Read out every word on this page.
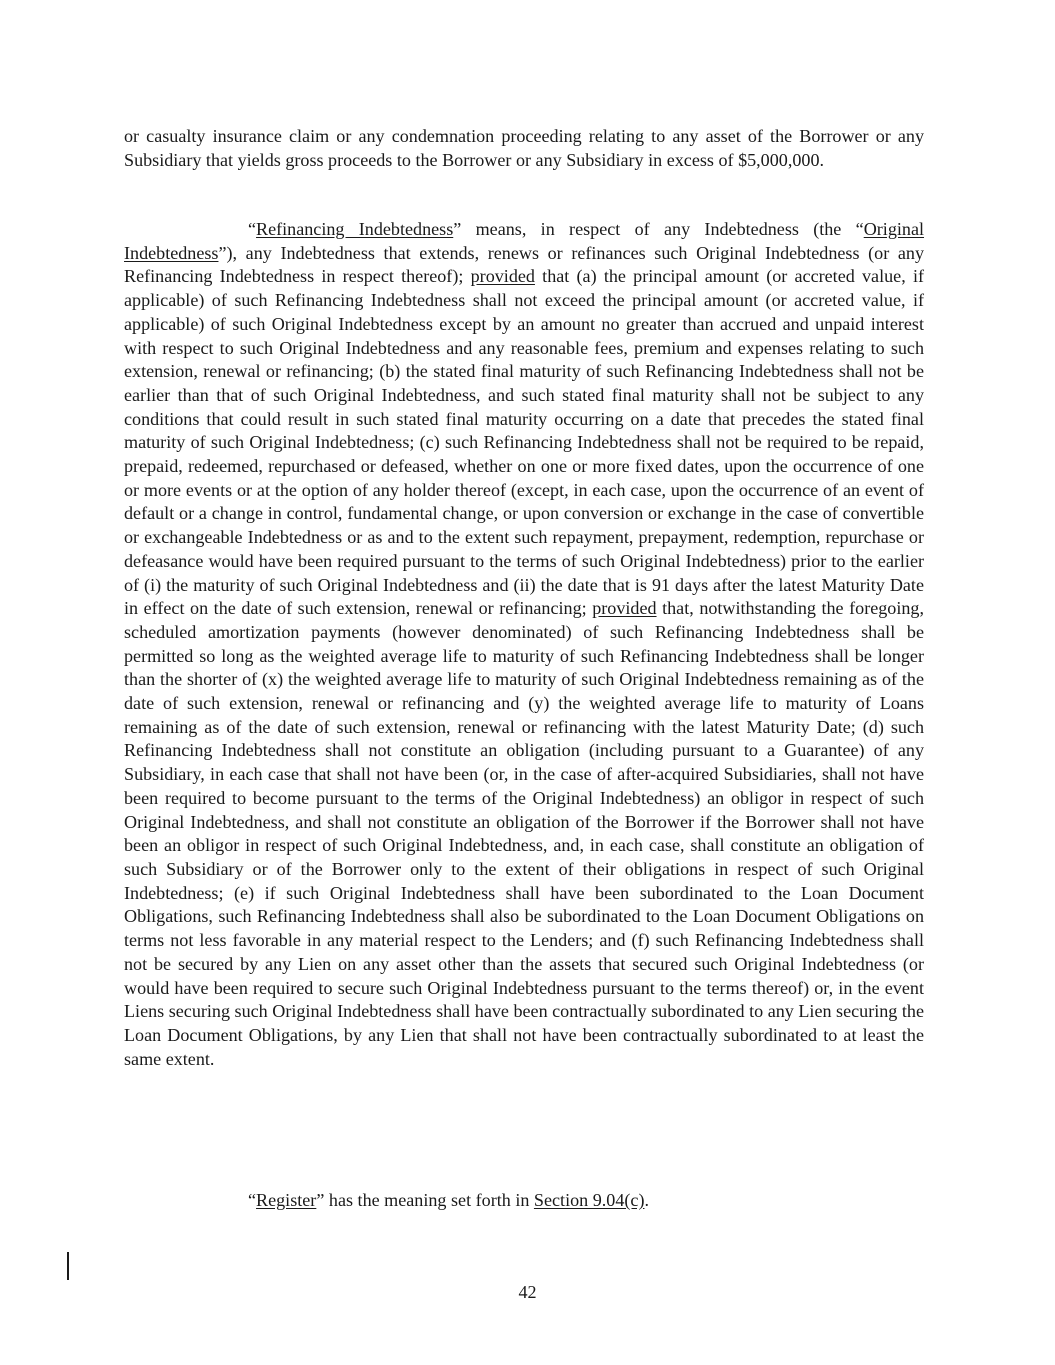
or casualty insurance claim or any condemnation proceeding relating to any asset of the Borrower or any Subsidiary that yields gross proceeds to the Borrower or any Subsidiary in excess of $5,000,000.

“Refinancing Indebtedness” means, in respect of any Indebtedness (the “Original Indebtedness”), any Indebtedness that extends, renews or refinances such Original Indebtedness (or any Refinancing Indebtedness in respect thereof); provided that (a) the principal amount (or accreted value, if applicable) of such Refinancing Indebtedness shall not exceed the principal amount (or accreted value, if applicable) of such Original Indebtedness except by an amount no greater than accrued and unpaid interest with respect to such Original Indebtedness and any reasonable fees, premium and expenses relating to such extension, renewal or refinancing; (b) the stated final maturity of such Refinancing Indebtedness shall not be earlier than that of such Original Indebtedness, and such stated final maturity shall not be subject to any conditions that could result in such stated final maturity occurring on a date that precedes the stated final maturity of such Original Indebtedness; (c) such Refinancing Indebtedness shall not be required to be repaid, prepaid, redeemed, repurchased or defeased, whether on one or more fixed dates, upon the occurrence of one or more events or at the option of any holder thereof (except, in each case, upon the occurrence of an event of default or a change in control, fundamental change, or upon conversion or exchange in the case of convertible or exchangeable Indebtedness or as and to the extent such repayment, prepayment, redemption, repurchase or defeasance would have been required pursuant to the terms of such Original Indebtedness) prior to the earlier of (i) the maturity of such Original Indebtedness and (ii) the date that is 91 days after the latest Maturity Date in effect on the date of such extension, renewal or refinancing; provided that, notwithstanding the foregoing, scheduled amortization payments (however denominated) of such Refinancing Indebtedness shall be permitted so long as the weighted average life to maturity of such Refinancing Indebtedness shall be longer than the shorter of (x) the weighted average life to maturity of such Original Indebtedness remaining as of the date of such extension, renewal or refinancing and (y) the weighted average life to maturity of Loans remaining as of the date of such extension, renewal or refinancing with the latest Maturity Date; (d) such Refinancing Indebtedness shall not constitute an obligation (including pursuant to a Guarantee) of any Subsidiary, in each case that shall not have been (or, in the case of after-acquired Subsidiaries, shall not have been required to become pursuant to the terms of the Original Indebtedness) an obligor in respect of such Original Indebtedness, and shall not constitute an obligation of the Borrower if the Borrower shall not have been an obligor in respect of such Original Indebtedness, and, in each case, shall constitute an obligation of such Subsidiary or of the Borrower only to the extent of their obligations in respect of such Original Indebtedness; (e) if such Original Indebtedness shall have been subordinated to the Loan Document Obligations, such Refinancing Indebtedness shall also be subordinated to the Loan Document Obligations on terms not less favorable in any material respect to the Lenders; and (f) such Refinancing Indebtedness shall not be secured by any Lien on any asset other than the assets that secured such Original Indebtedness (or would have been required to secure such Original Indebtedness pursuant to the terms thereof) or, in the event Liens securing such Original Indebtedness shall have been contractually subordinated to any Lien securing the Loan Document Obligations, by any Lien that shall not have been contractually subordinated to at least the same extent.

“Register” has the meaning set forth in Section 9.04(c).

42
